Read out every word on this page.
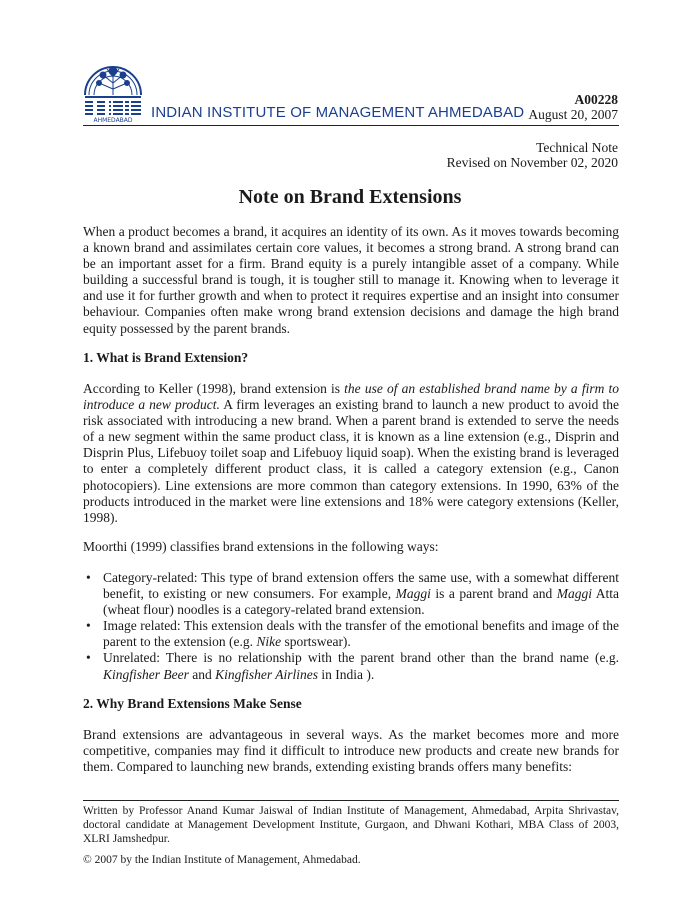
AHMEDABAD INDIAN INSTITUTE OF MANAGEMENT AHMEDABAD
A00228
August 20, 2007
Technical Note
Revised on November 02, 2020
Note on Brand Extensions
When a product becomes a brand, it acquires an identity of its own. As it moves towards becoming a known brand and assimilates certain core values, it becomes a strong brand. A strong brand can be an important asset for a firm. Brand equity is a purely intangible asset of a company. While building a successful brand is tough, it is tougher still to manage it. Knowing when to leverage it and use it for further growth and when to protect it requires expertise and an insight into consumer behaviour. Companies often make wrong brand extension decisions and damage the high brand equity possessed by the parent brands.
1. What is Brand Extension?
According to Keller (1998), brand extension is the use of an established brand name by a firm to introduce a new product. A firm leverages an existing brand to launch a new product to avoid the risk associated with introducing a new brand. When a parent brand is extended to serve the needs of a new segment within the same product class, it is known as a line extension (e.g., Disprin and Disprin Plus, Lifebuoy toilet soap and Lifebuoy liquid soap). When the existing brand is leveraged to enter a completely different product class, it is called a category extension (e.g., Canon photocopiers). Line extensions are more common than category extensions. In 1990, 63% of the products introduced in the market were line extensions and 18% were category extensions (Keller, 1998).
Moorthi (1999) classifies brand extensions in the following ways:
• Category-related: This type of brand extension offers the same use, with a somewhat different benefit, to existing or new consumers. For example, Maggi is a parent brand and Maggi Atta (wheat flour) noodles is a category-related brand extension.
• Image related: This extension deals with the transfer of the emotional benefits and image of the parent to the extension (e.g. Nike sportswear).
• Unrelated: There is no relationship with the parent brand other than the brand name (e.g. Kingfisher Beer and Kingfisher Airlines in India ).
2. Why Brand Extensions Make Sense
Brand extensions are advantageous in several ways. As the market becomes more and more competitive, companies may find it difficult to introduce new products and create new brands for them. Compared to launching new brands, extending existing brands offers many benefits:
Written by Professor Anand Kumar Jaiswal of Indian Institute of Management, Ahmedabad, Arpita Shrivastav, doctoral candidate at Management Development Institute, Gurgaon, and Dhwani Kothari, MBA Class of 2003, XLRI Jamshedpur.
© 2007 by the Indian Institute of Management, Ahmedabad.
